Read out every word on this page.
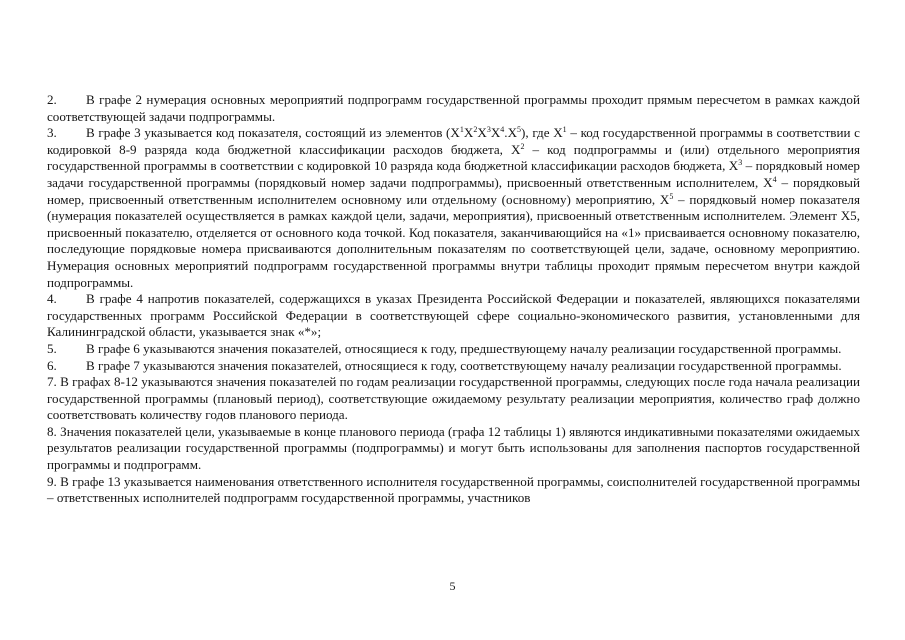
2. В графе 2 нумерация основных мероприятий подпрограмм государственной программы проходит прямым пересчетом в рамках каждой соответствующей задачи подпрограммы.

3. В графе 3 указывается код показателя, состоящий из элементов $(X^1X^2X^3X^4.X^5)$, где $X^1$ – код государственной программы в соответствии с кодировкой 8-9 разряда кода бюджетной классификации расходов бюджета, $X^2$ – код подпрограммы и (или) отдельного мероприятия государственной программы в соответствии с кодировкой 10 разряда кода бюджетной классификации расходов бюджета, $X^3$ – порядковый номер задачи государственной программы (порядковый номер задачи подпрограммы), присвоенный ответственным исполнителем, $X^4$ – порядковый номер, присвоенный ответственным исполнителем основному или отдельному (основному) мероприятию, $X^5$ – порядковый номер показателя (нумерация показателей осуществляется в рамках каждой цели, задачи, мероприятия), присвоенный ответственным исполнителем. Элемент X5, присвоенный показателю, отделяется от основного кода точкой. Код показателя, заканчивающийся на «1» присваивается основному показателю, последующие порядковые номера присваиваются дополнительным показателям по соответствующей цели, задаче, основному мероприятию. Нумерация основных мероприятий подпрограмм государственной программы внутри таблицы проходит прямым пересчетом внутри каждой подпрограммы.

4. В графе 4 напротив показателей, содержащихся в указах Президента Российской Федерации и показателей, являющихся показателями государственных программ Российской Федерации в соответствующей сфере социально-экономического развития, установленными для Калининградской области, указывается знак «*»;

5. В графе 6 указываются значения показателей, относящиеся к году, предшествующему началу реализации государственной программы.

6. В графе 7 указываются значения показателей, относящиеся к году, соответствующему началу реализации государственной программы.

7. В графах 8-12 указываются значения показателей по годам реализации государственной программы, следующих после года начала реализации государственной программы (плановый период), соответствующие ожидаемому результату реализации мероприятия, количество граф должно соответствовать количеству годов планового периода.

8. Значения показателей цели, указываемые в конце планового периода (графа 12 таблицы 1) являются индикативными показателями ожидаемых результатов реализации государственной программы (подпрограммы) и могут быть использованы для заполнения паспортов государственной программы и подпрограмм.

9. В графе 13 указывается наименования ответственного исполнителя государственной программы, соисполнителей государственной программы – ответственных исполнителей подпрограмм государственной программы, участников

5
